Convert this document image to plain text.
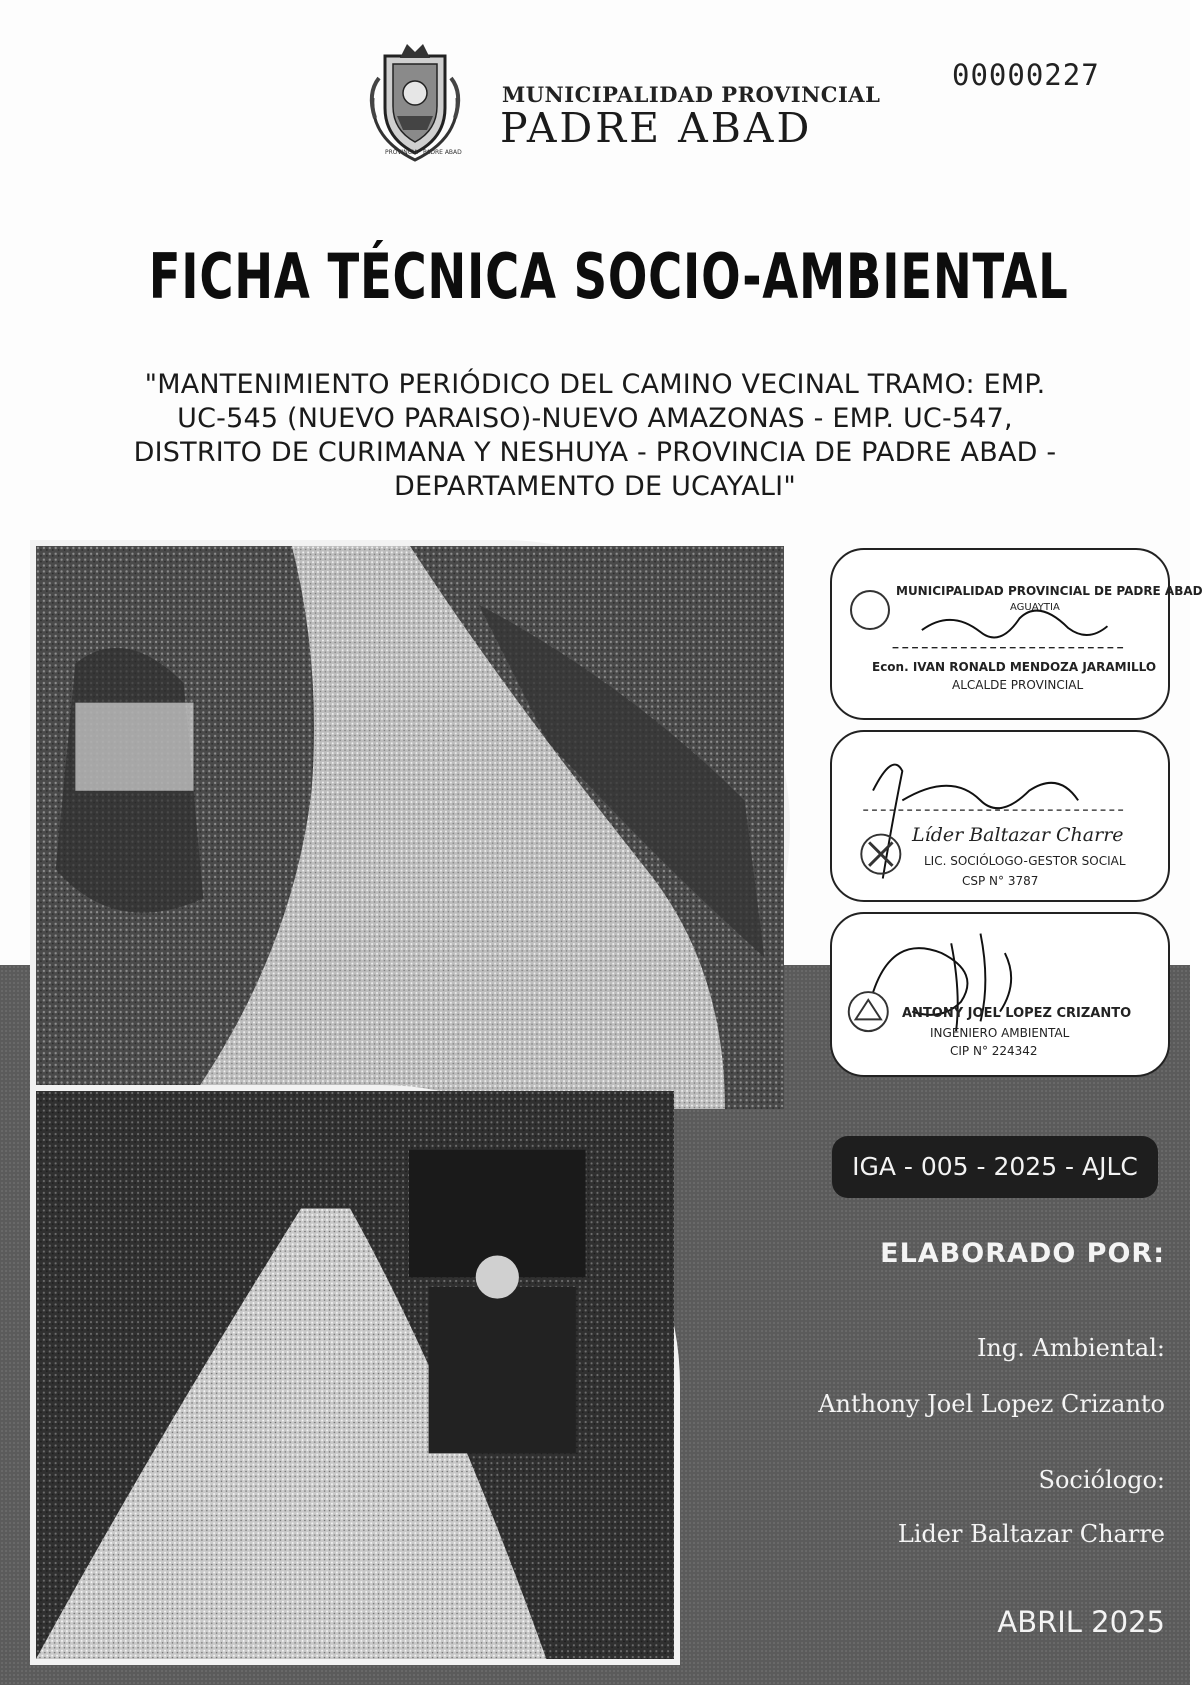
PROVINCIA PADRE ABAD
MUNICIPALIDAD PROVINCIAL
PADRE ABAD
00000227
FICHA TÉCNICA SOCIO-AMBIENTAL
"MANTENIMIENTO PERIÓDICO DEL CAMINO VECINAL TRAMO: EMP.
UC-545 (NUEVO PARAISO)-NUEVO AMAZONAS - EMP. UC-547,
DISTRITO DE CURIMANA Y NESHUYA - PROVINCIA DE PADRE ABAD -
DEPARTAMENTO DE UCAYALI"
MUNICIPALIDAD PROVINCIAL DE PADRE ABAD
AGUAYTIA
Econ. IVAN RONALD MENDOZA JARAMILLO
ALCALDE PROVINCIAL
Líder Baltazar Charre
LIC. SOCIÓLOGO-GESTOR SOCIAL
CSP N° 3787
ANTONY JOEL LOPEZ CRIZANTO
INGENIERO AMBIENTAL
CIP N° 224342
IGA - 005 - 2025 - AJLC
ELABORADO POR:
Ing. Ambiental:
Anthony Joel Lopez Crizanto
Sociólogo:
Lider Baltazar Charre
ABRIL 2025
